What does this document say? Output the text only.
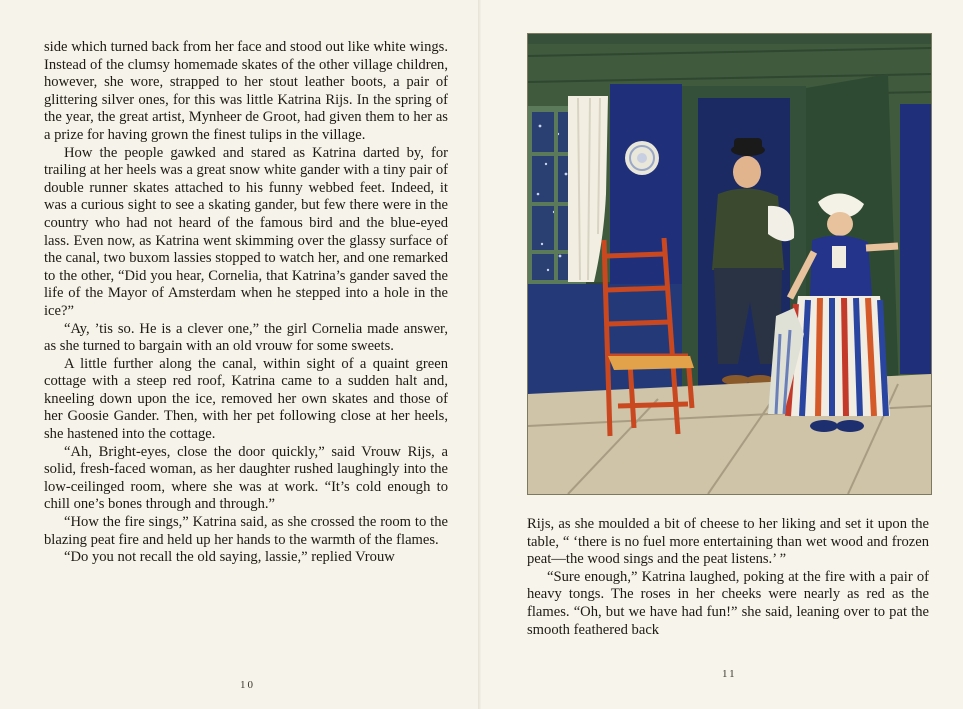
side which turned back from her face and stood out like white wings. Instead of the clumsy homemade skates of the other village children, however, she wore, strapped to her stout leather boots, a pair of glittering silver ones, for this was little Katrina Rijs. In the spring of the year, the great artist, Mynheer de Groot, had given them to her as a prize for having grown the finest tulips in the village.

How the people gawked and stared as Katrina darted by, for trailing at her heels was a great snow white gander with a tiny pair of double runner skates attached to his funny webbed feet. Indeed, it was a curious sight to see a skating gander, but few there were in the country who had not heard of the famous bird and the blue-eyed lass. Even now, as Katrina went skimming over the glassy surface of the canal, two buxom lassies stopped to watch her, and one remarked to the other, “Did you hear, Cornelia, that Katrina’s gander saved the life of the Mayor of Amsterdam when he stepped into a hole in the ice?”

“Ay, ’tis so. He is a clever one,” the girl Cornelia made answer, as she turned to bargain with an old vrouw for some sweets.

A little further along the canal, within sight of a quaint green cottage with a steep red roof, Katrina came to a sudden halt and, kneeling down upon the ice, removed her own skates and those of her Goosie Gander. Then, with her pet following close at her heels, she hastened into the cottage.

“Ah, Bright-eyes, close the door quickly,” said Vrouw Rijs, a solid, fresh-faced woman, as her daughter rushed laughingly into the low-ceilinged room, where she was at work. “It’s cold enough to chill one’s bones through and through.”

“How the fire sings,” Katrina said, as she crossed the room to the blazing peat fire and held up her hands to the warmth of the flames.

“Do you not recall the old saying, lassie,” replied Vrouw

10

Rijs, as she moulded a bit of cheese to her liking and set it upon the table, “ ‘there is no fuel more entertaining than wet wood and frozen peat—the wood sings and the peat listens.’ ”

“Sure enough,” Katrina laughed, poking at the fire with a pair of heavy tongs. The roses in her cheeks were nearly as red as the flames. “Oh, but we have had fun!” she said, leaning over to pat the smooth feathered back

11
